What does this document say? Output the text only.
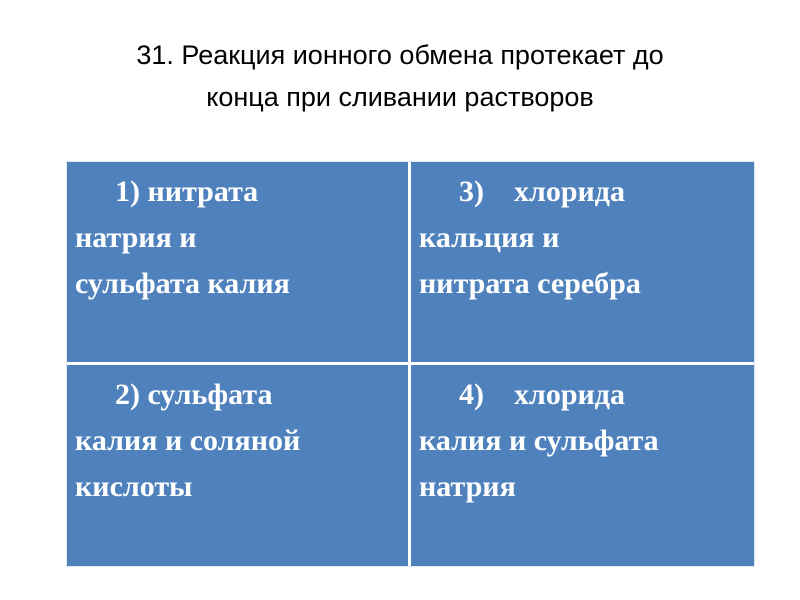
31. Реакция ионного обмена протекает до
конца при сливании растворов
1) нитрата
натрия и
сульфата калия
3) хлорида
кальция и
нитрата серебра
2) сульфата
калия и соляной
кислоты
4) хлорида
калия и сульфата
натрия
